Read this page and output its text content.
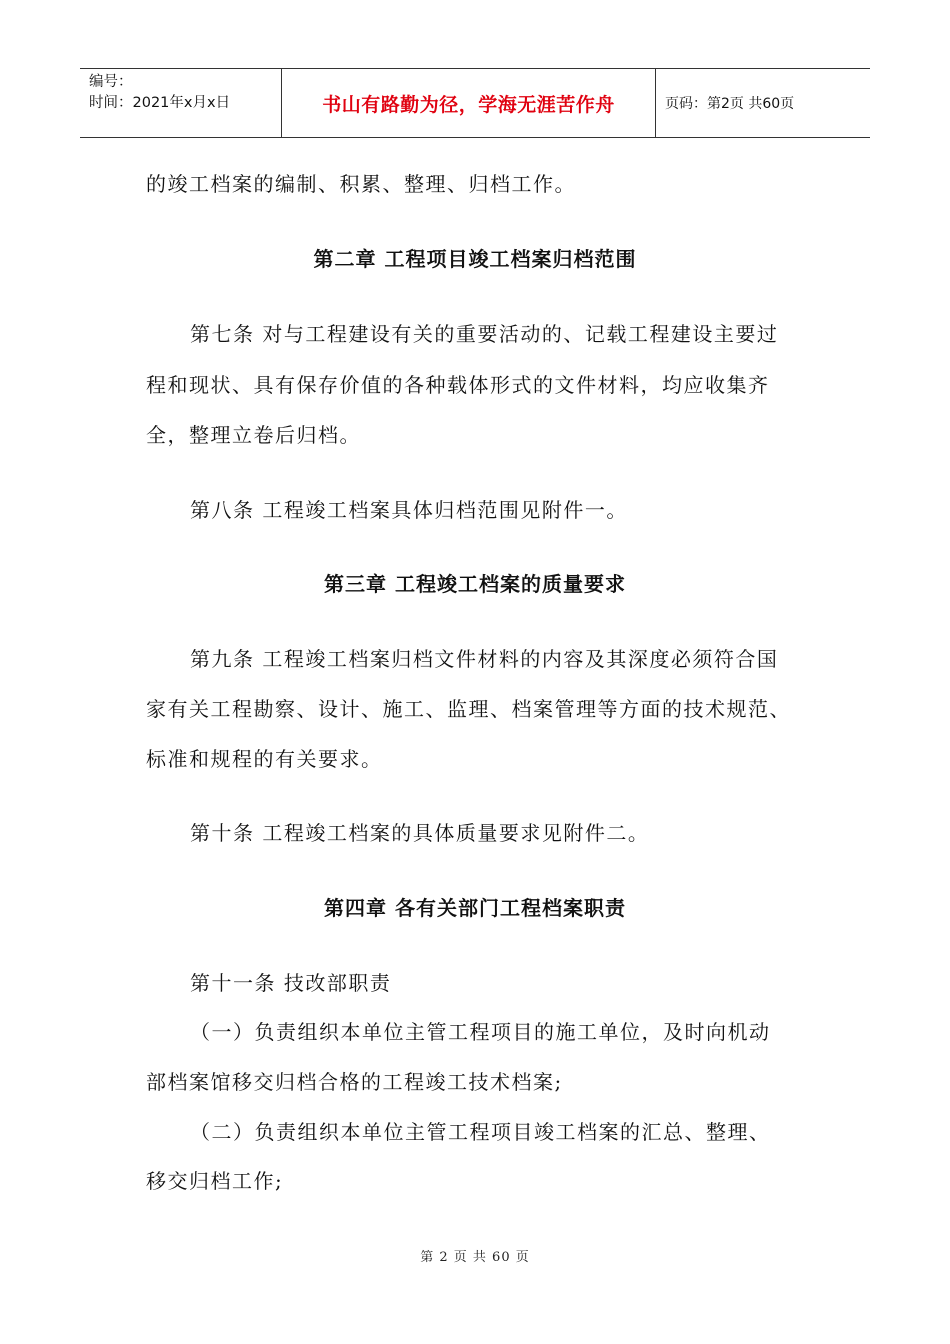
编号：
时间：2021年x月x日	书山有路勤为径，学海无涯苦作舟	页码：第2页 共60页
的竣工档案的编制、积累、整理、归档工作。
第二章 工程项目竣工档案归档范围
第七条 对与工程建设有关的重要活动的、记载工程建设主要过
程和现状、具有保存价值的各种载体形式的文件材料，均应收集齐
全，整理立卷后归档。
第八条 工程竣工档案具体归档范围见附件一。
第三章 工程竣工档案的质量要求
第九条 工程竣工档案归档文件材料的内容及其深度必须符合国
家有关工程勘察、设计、施工、监理、档案管理等方面的技术规范、
标准和规程的有关要求。
第十条 工程竣工档案的具体质量要求见附件二。
第四章 各有关部门工程档案职责
第十一条 技改部职责
（一）负责组织本单位主管工程项目的施工单位，及时向机动
部档案馆移交归档合格的工程竣工技术档案;
（二）负责组织本单位主管工程项目竣工档案的汇总、整理、
移交归档工作;
第 2 页 共 60 页
